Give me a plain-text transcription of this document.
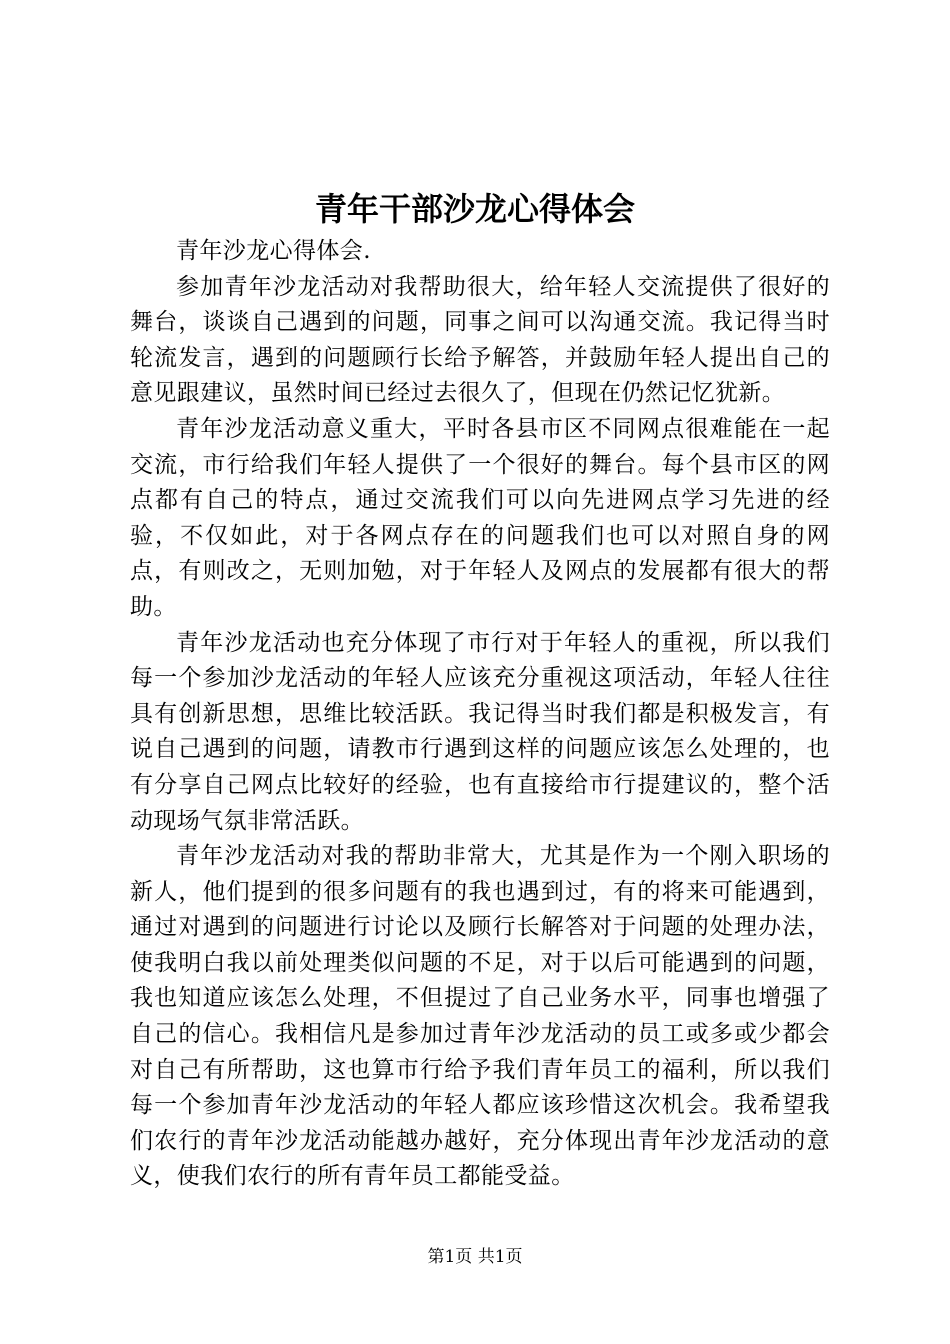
青年干部沙龙心得体会

青年沙龙心得体会.

参加青年沙龙活动对我帮助很大，给年轻人交流提供了很好的舞台，谈谈自己遇到的问题，同事之间可以沟通交流。我记得当时轮流发言，遇到的问题顾行长给予解答，并鼓励年轻人提出自己的意见跟建议，虽然时间已经过去很久了，但现在仍然记忆犹新。

青年沙龙活动意义重大，平时各县市区不同网点很难能在一起交流，市行给我们年轻人提供了一个很好的舞台。每个县市区的网点都有自己的特点，通过交流我们可以向先进网点学习先进的经验，不仅如此，对于各网点存在的问题我们也可以对照自身的网点，有则改之，无则加勉，对于年轻人及网点的发展都有很大的帮助。

青年沙龙活动也充分体现了市行对于年轻人的重视，所以我们每一个参加沙龙活动的年轻人应该充分重视这项活动，年轻人往往具有创新思想，思维比较活跃。我记得当时我们都是积极发言，有说自己遇到的问题，请教市行遇到这样的问题应该怎么处理的，也有分享自己网点比较好的经验，也有直接给市行提建议的，整个活动现场气氛非常活跃。

青年沙龙活动对我的帮助非常大，尤其是作为一个刚入职场的新人，他们提到的很多问题有的我也遇到过，有的将来可能遇到，通过对遇到的问题进行讨论以及顾行长解答对于问题的处理办法，使我明白我以前处理类似问题的不足，对于以后可能遇到的问题，我也知道应该怎么处理，不但提过了自己业务水平，同事也增强了自己的信心。我相信凡是参加过青年沙龙活动的员工或多或少都会对自己有所帮助，这也算市行给予我们青年员工的福利，所以我们每一个参加青年沙龙活动的年轻人都应该珍惜这次机会。我希望我们农行的青年沙龙活动能越办越好，充分体现出青年沙龙活动的意义，使我们农行的所有青年员工都能受益。

第1页 共1页
